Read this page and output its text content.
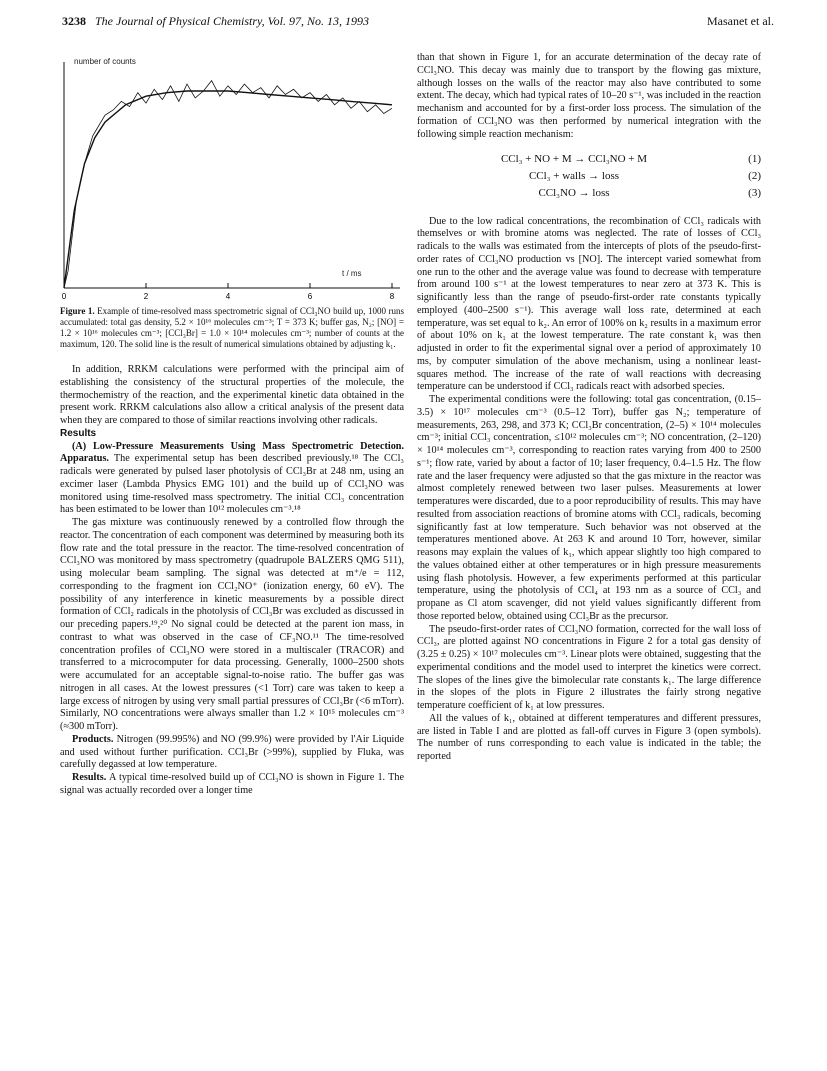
3238 The Journal of Physical Chemistry, Vol. 97, No. 13, 1993	Masanet et al.
number of counts
t / ms
0	2	4	6	8
Figure 1. Example of time-resolved mass spectrometric signal of CCl₃NO build up, 1000 runs accumulated: total gas density, 5.2 × 10¹⁶ molecules cm⁻³; T = 373 K; buffer gas, N₂; [NO] = 1.2 × 10¹⁶ molecules cm⁻³; [CCl₃Br] = 1.0 × 10¹⁴ molecules cm⁻³; number of counts at the maximum, 120. The solid line is the result of numerical simulations obtained by adjusting k₁.

In addition, RRKM calculations were performed with the principal aim of establishing the consistency of the structural properties of the molecule, the thermochemistry of the reaction, and the experimental kinetic data obtained in the present work. RRKM calculations also allow a critical analysis of the present data when they are compared to those of similar reactions involving other radicals.

Results

(A) Low-Pressure Measurements Using Mass Spectrometric Detection. Apparatus. The experimental setup has been described previously.¹⁸ The CCl₃ radicals were generated by pulsed laser photolysis of CCl₃Br at 248 nm, using an excimer laser (Lambda Physics EMG 101) and the build up of CCl₃NO was monitored using time-resolved mass spectrometry. The initial CCl₃ concentration has been estimated to be lower than 10¹² molecules cm⁻³.¹⁸

The gas mixture was continuously renewed by a controlled flow through the reactor. The concentration of each component was determined by measuring both its flow rate and the total pressure in the reactor. The time-resolved concentration of CCl₃NO was monitored by mass spectrometry (quadrupole BALZERS QMG 511), using molecular beam sampling. The signal was detected at m⁺/e = 112, corresponding to the fragment ion CCl₂NO⁺ (ionization energy, 60 eV). The possibility of any interference in kinetic measurements by a possible direct formation of CCl₂ radicals in the photolysis of CCl₃Br was excluded as discussed in our preceding papers.¹⁹,²⁰ No signal could be detected at the parent ion mass, in contrast to what was observed in the case of CF₃NO.¹¹ The time-resolved concentration profiles of CCl₃NO were stored in a multiscaler (TRACOR) and transferred to a microcomputer for data processing. Generally, 1000–2500 shots were accumulated for an acceptable signal-to-noise ratio. The buffer gas was nitrogen in all cases. At the lowest pressures (<1 Torr) care was taken to keep a large excess of nitrogen by using very small partial pressures of CCl₃Br (<6 mTorr). Similarly, NO concentrations were always smaller than 1.2 × 10¹⁵ molecules cm⁻³ (≈300 mTorr).

Products. Nitrogen (99.995%) and NO (99.9%) were provided by l'Air Liquide and used without further purification. CCl₃Br (>99%), supplied by Fluka, was carefully degassed at low temperature.

Results. A typical time-resolved build up of CCl₃NO is shown in Figure 1. The signal was actually recorded over a longer time

than that shown in Figure 1, for an accurate determination of the decay rate of CCl₃NO. This decay was mainly due to transport by the flowing gas mixture, although losses on the walls of the reactor may also have contributed to some extent. The decay, which had typical rates of 10–20 s⁻¹, was included in the reaction mechanism and accounted for by a first-order loss process. The simulation of the formation of CCl₃NO was then performed by numerical integration with the following simple reaction mechanism:

CCl₃ + NO + M → CCl₃NO + M	(1)
CCl₃ + walls → loss	(2)
CCl₃NO → loss	(3)

Due to the low radical concentrations, the recombination of CCl₃ radicals with themselves or with bromine atoms was neglected. The rate of losses of CCl₃ radicals to the walls was estimated from the intercepts of plots of the pseudo-first-order rates of CCl₃NO production vs [NO]. The intercept varied somewhat from one run to the other and the average value was found to decrease with temperature from around 100 s⁻¹ at the lowest temperatures to near zero at 373 K. This is significantly less than the range of pseudo-first-order rate constants typically employed (400–2500 s⁻¹). This average wall loss rate, determined at each temperature, was set equal to k₂. An error of 100% on k₂ results in a maximum error of about 10% on k₁ at the lowest temperature. The rate constant k₁ was then adjusted in order to fit the experimental signal over a period of approximately 10 ms, by computer simulation of the above mechanism, using a nonlinear least-squares method. The increase of the rate of wall reactions with decreasing temperature can be understood if CCl₃ radicals react with adsorbed species.

The experimental conditions were the following: total gas concentration, (0.15–3.5) × 10¹⁷ molecules cm⁻³ (0.5–12 Torr), buffer gas N₂; temperature of measurements, 263, 298, and 373 K; CCl₃Br concentration, (2–5) × 10¹⁴ molecules cm⁻³; initial CCl₃ concentration, ≤10¹² molecules cm⁻³; NO concentration, (2–120) × 10¹⁴ molecules cm⁻³, corresponding to reaction rates varying from 400 to 2500 s⁻¹; flow rate, varied by about a factor of 10; laser frequency, 0.4–1.5 Hz. The flow rate and the laser frequency were adjusted so that the gas mixture in the reactor was almost completely renewed between two laser pulses. Measurements at lower temperatures were discarded, due to a poor reproducibility of results. This may have resulted from association reactions of bromine atoms with CCl₃ radicals, becoming significantly fast at low temperature. Such behavior was not observed at the temperatures mentioned above. At 263 K and around 10 Torr, however, similar reasons may explain the values of k₁, which appear slightly too high compared to the values obtained either at other temperatures or in high pressure measurements using flash photolysis. However, a few experiments performed at this particular temperature, using the photolysis of CCl₄ at 193 nm as a source of CCl₃ and propane as Cl atom scavenger, did not yield values significantly different from those reported below, obtained using CCl₃Br as the precursor.

The pseudo-first-order rates of CCl₃NO formation, corrected for the wall loss of CCl₃, are plotted against NO concentrations in Figure 2 for a total gas density of (3.25 ± 0.25) × 10¹⁷ molecules cm⁻³. Linear plots were obtained, suggesting that the experimental conditions and the model used to interpret the kinetics were correct. The slopes of the lines give the bimolecular rate constants k₁. The large difference in the slopes of the plots in Figure 2 illustrates the fairly strong negative temperature coefficient of k₁ at low pressures.

All the values of k₁, obtained at different temperatures and different pressures, are listed in Table I and are plotted as fall-off curves in Figure 3 (open symbols). The number of runs corresponding to each value is indicated in the table; the reported
